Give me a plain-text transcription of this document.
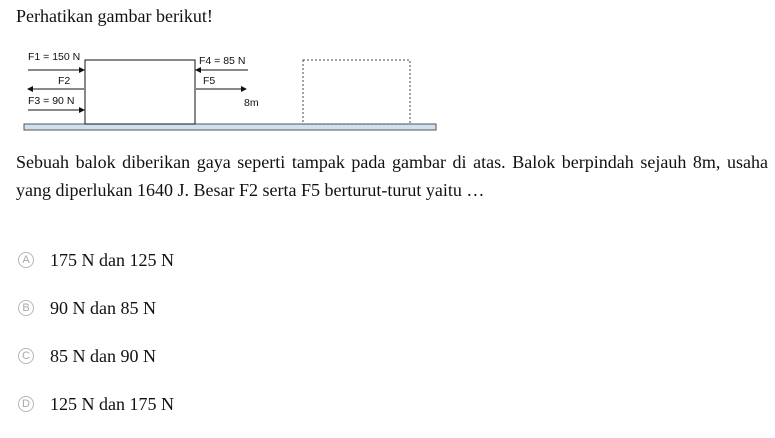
Perhatikan gambar berikut!
F1 = 150 N
F2
F3 = 90 N
F4 = 85 N
F5
8m
Sebuah balok diberikan gaya seperti tampak pada gambar di atas. Balok berpindah sejauh 8m, usaha yang diperlukan 1640 J. Besar F2 serta F5 berturut-turut yaitu …
A 175 N dan 125 N
B 90 N dan 85 N
C 85 N dan 90 N
D 125 N dan 175 N
